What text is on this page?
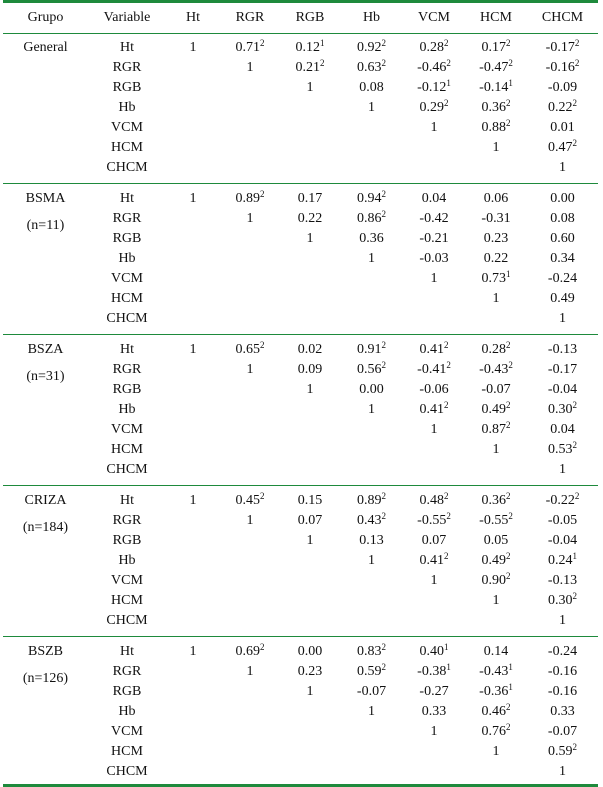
Grupo	Variable	Ht	RGR	RGB	Hb	VCM	HCM	CHCM

General	Ht	1	0.71$^2$	0.12$^1$	0.92$^2$	0.28$^2$	0.17$^2$	-0.17$^2$
	RGR		1	0.21$^2$	0.63$^2$	-0.46$^2$	-0.47$^2$	-0.16$^2$
	RGB			1	0.08	-0.12$^1$	-0.14$^1$	-0.09
	Hb				1	0.29$^2$	0.36$^2$	0.22$^2$
	VCM					1	0.88$^2$	0.01
	HCM						1	0.47$^2$
	CHCM							1

BSMA
(n=11)	Ht	1	0.89$^2$	0.17	0.94$^2$	0.04	0.06	0.00
	RGR		1	0.22	0.86$^2$	-0.42	-0.31	0.08
	RGB			1	0.36	-0.21	0.23	0.60
	Hb				1	-0.03	0.22	0.34
	VCM					1	0.73$^1$	-0.24
	HCM						1	0.49
	CHCM							1

BSZA
(n=31)	Ht	1	0.65$^2$	0.02	0.91$^2$	0.41$^2$	0.28$^2$	-0.13
	RGR		1	0.09	0.56$^2$	-0.41$^2$	-0.43$^2$	-0.17
	RGB			1	0.00	-0.06	-0.07	-0.04
	Hb				1	0.41$^2$	0.49$^2$	0.30$^2$
	VCM					1	0.87$^2$	0.04
	HCM						1	0.53$^2$
	CHCM							1

CRIZA
(n=184)	Ht	1	0.45$^2$	0.15	0.89$^2$	0.48$^2$	0.36$^2$	-0.22$^2$
	RGR		1	0.07	0.43$^2$	-0.55$^2$	-0.55$^2$	-0.05
	RGB			1	0.13	0.07	0.05	-0.04
	Hb				1	0.41$^2$	0.49$^2$	0.24$^1$
	VCM					1	0.90$^2$	-0.13
	HCM						1	0.30$^2$
	CHCM							1

BSZB
(n=126)	Ht	1	0.69$^2$	0.00	0.83$^2$	0.40$^1$	0.14	-0.24
	RGR		1	0.23	0.59$^2$	-0.38$^1$	-0.43$^1$	-0.16
	RGB			1	-0.07	-0.27	-0.36$^1$	-0.16
	Hb				1	0.33	0.46$^2$	0.33
	VCM					1	0.76$^2$	-0.07
	HCM						1	0.59$^2$
	CHCM							1
